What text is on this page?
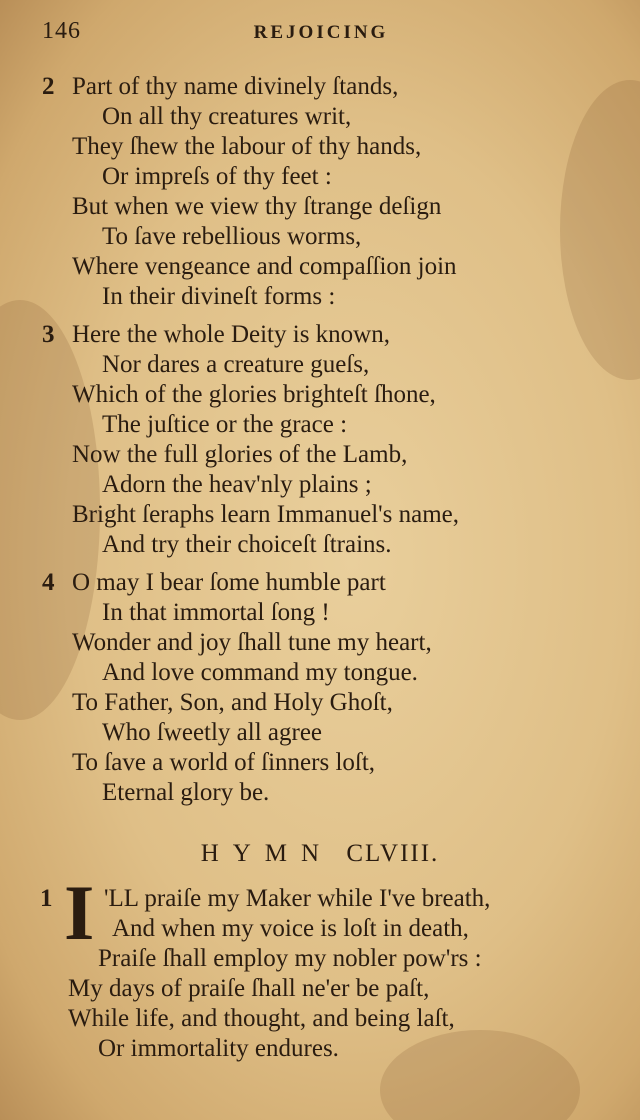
146	REJOICING
2 Part of thy name divinely ſtands,
On all thy creatures writ,
They ſhew the labour of thy hands,
Or impreſs of thy feet :
But when we view thy ſtrange deſign
To ſave rebellious worms,
Where vengeance and compaſſion join
In their divineſt forms :
3 Here the whole Deity is known,
Nor dares a creature gueſs,
Which of the glories brighteſt ſhone,
The juſtice or the grace :
Now the full glories of the Lamb,
Adorn the heav'nly plains ;
Bright ſeraphs learn Immanuel's name,
And try their choiceſt ſtrains.
4 O may I bear ſome humble part
In that immortal ſong !
Wonder and joy ſhall tune my heart,
And love command my tongue.
To Father, Son, and Holy Ghoſt,
Who ſweetly all agree
To ſave a world of ſinners loſt,
Eternal glory be.
HYMN CLVIII.
1 I 'LL praiſe my Maker while I've breath,
And when my voice is loſt in death,
Praiſe ſhall employ my nobler pow'rs :
My days of praiſe ſhall ne'er be paſt,
While life, and thought, and being laſt,
Or immortality endures.
